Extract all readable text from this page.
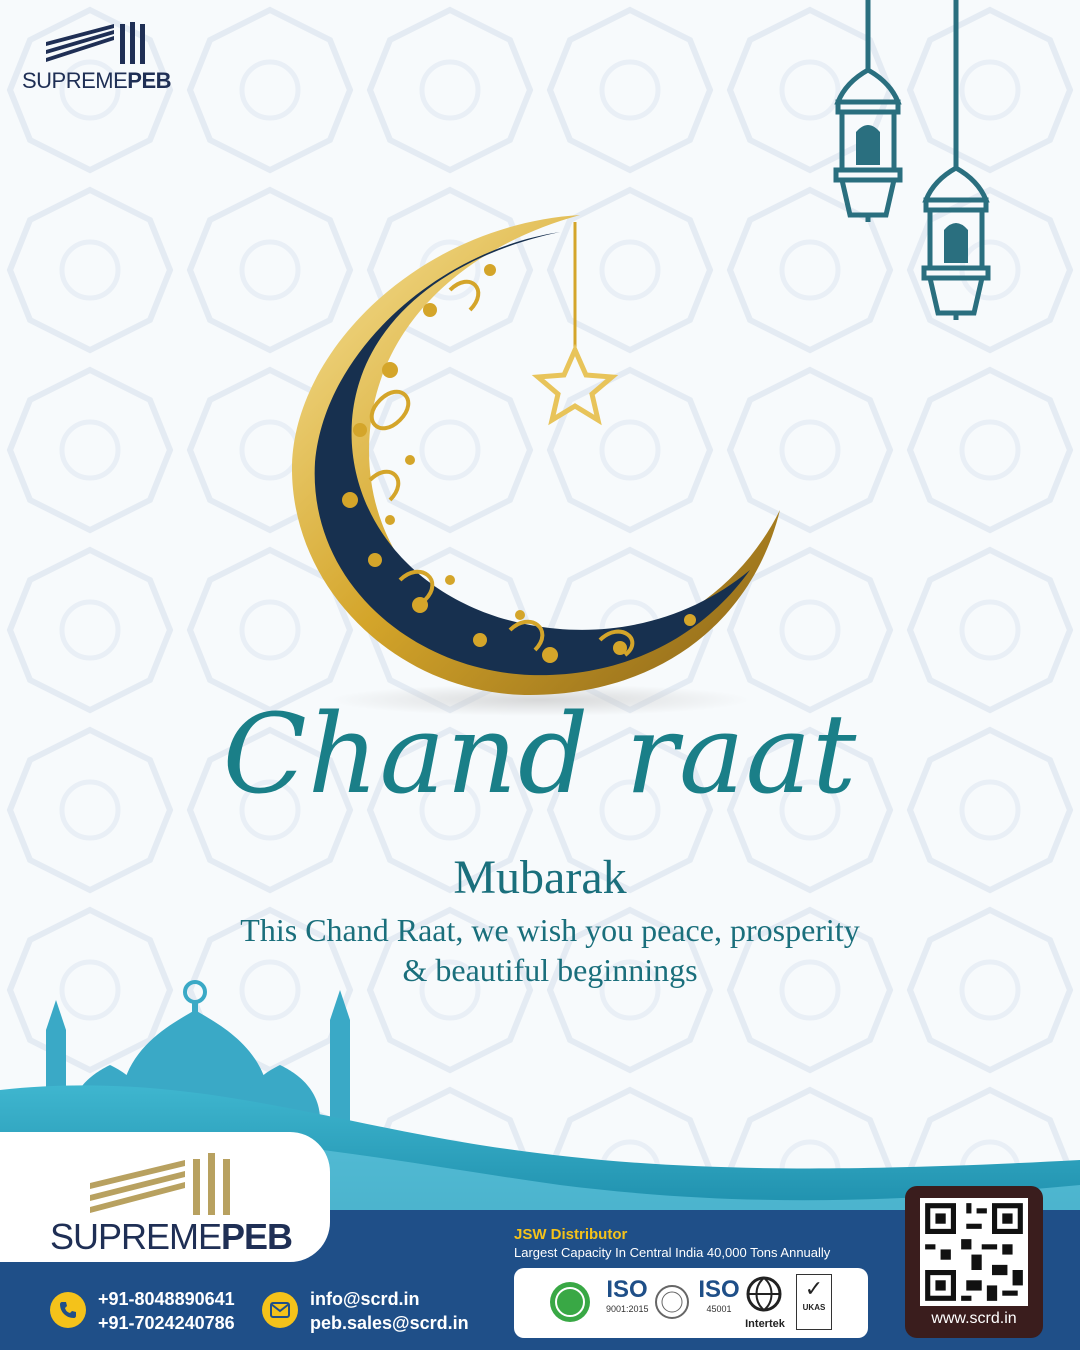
SUPREMEPEB
Chand raat
Mubarak
This Chand Raat, we wish you peace, prosperity
& beautiful beginnings
SUPREMEPEB
+91-8048890641
+91-7024240786
info@scrd.in
peb.sales@scrd.in
JSW Distributor
Largest Capacity In Central India 40,000 Tons Annually
ISO
9001:2015
ISO
45001
Intertek
✓
UKAS
www.scrd.in
